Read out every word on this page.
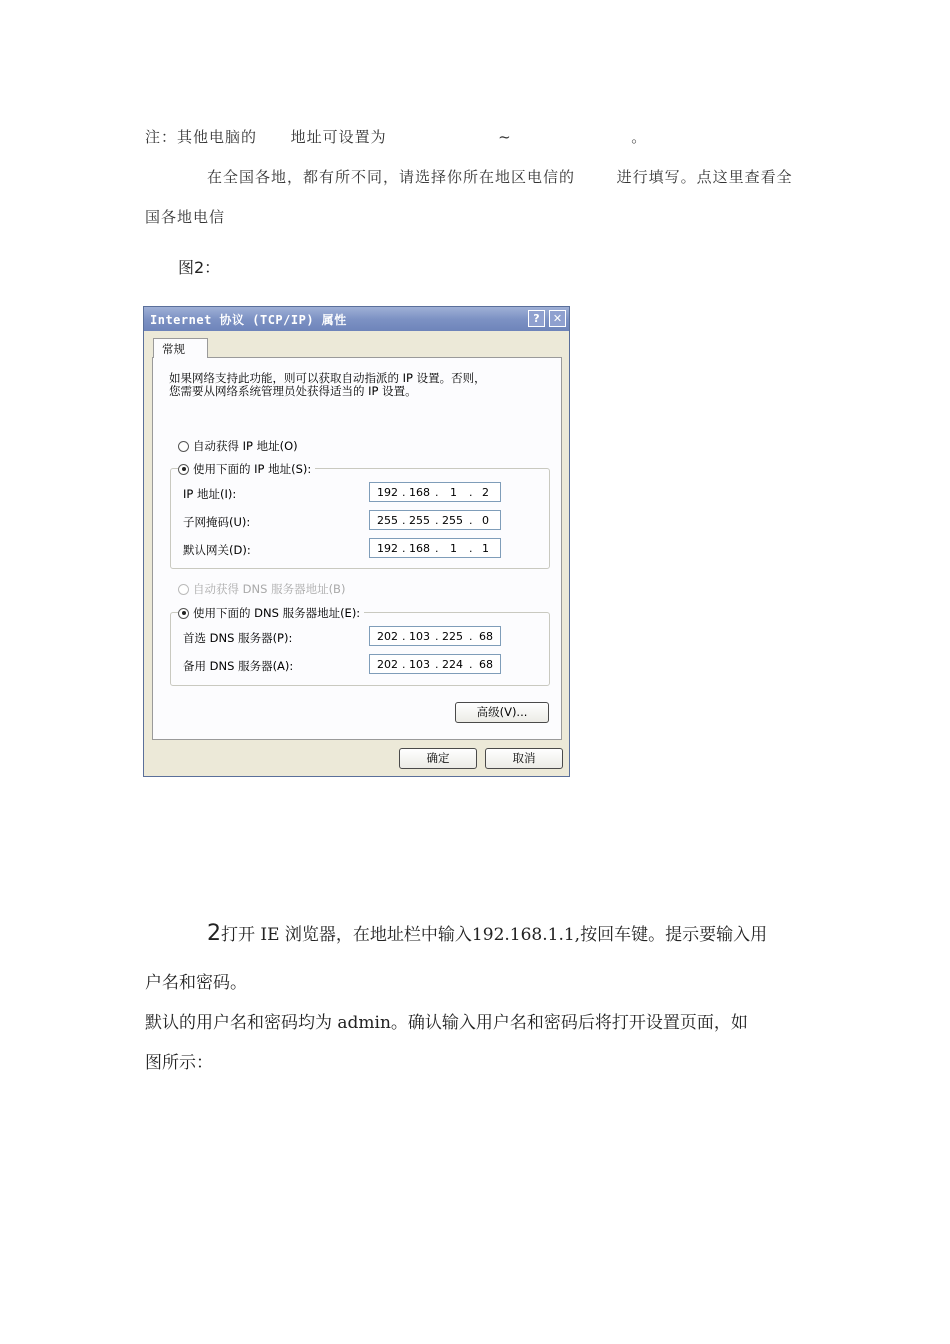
注：其他电脑的 地址可设置为	~	。
在全国各地，都有所不同，请选择你所在地区电信的	进行填写。点这里查看全
国各地电信
图2：
Internet 协议 (TCP/IP) 属性	?	✕
常规
如果网络支持此功能，则可以获取自动指派的 IP 设置。否则，
您需要从网络系统管理员处获得适当的 IP 设置。
自动获得 IP 地址(O)
使用下面的 IP 地址(S):
IP 地址(I):	192 . 168 . 1 . 2
子网掩码(U):	255 . 255 . 255 . 0
默认网关(D):	192 . 168 . 1 . 1
自动获得 DNS 服务器地址(B)
使用下面的 DNS 服务器地址(E):
首选 DNS 服务器(P):	202 . 103 . 225 . 68
备用 DNS 服务器(A):	202 . 103 . 224 . 68
高级(V)...
确定	取消
2打开 IE 浏览器，在地址栏中输入192.168.1.1,按回车键。提示要输入用
户名和密码。
默认的用户名和密码均为 admin。确认输入用户名和密码后将打开设置页面，如
图所示：
